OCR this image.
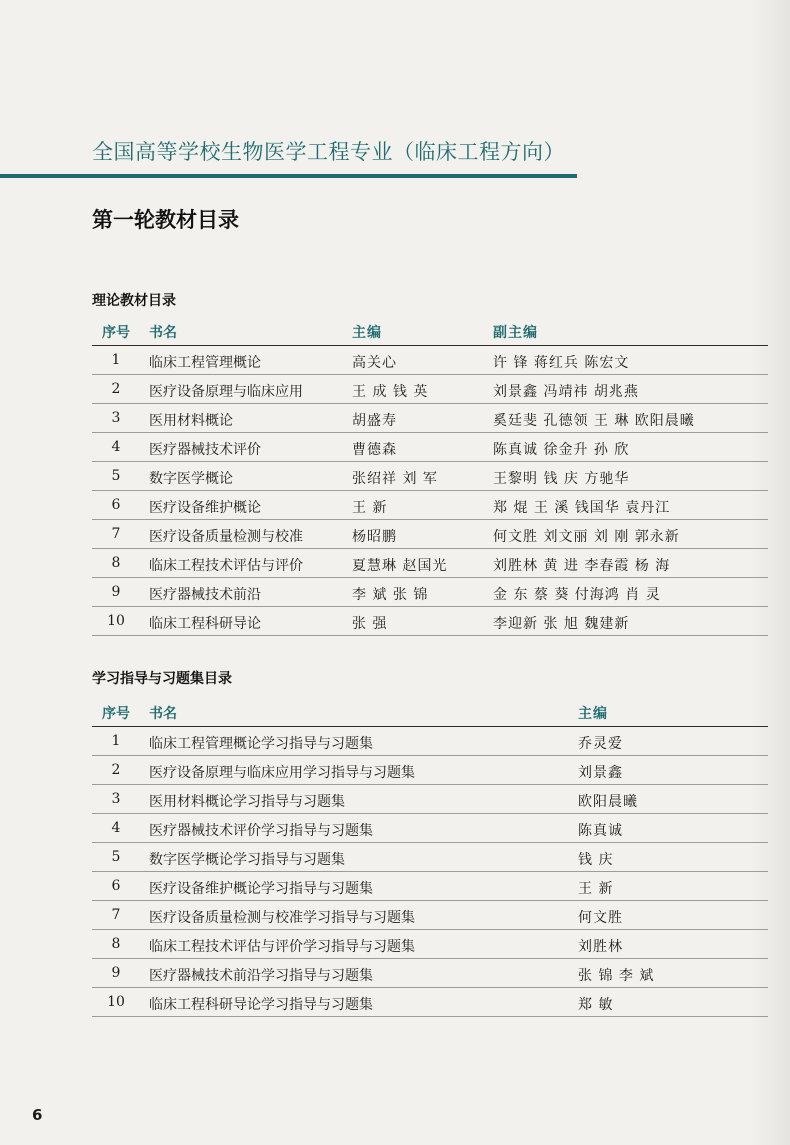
全国高等学校生物医学工程专业（临床工程方向）
第一轮教材目录
理论教材目录
序号	书名	主编	副主编
1	临床工程管理概论	高关心	许 锋 蒋红兵 陈宏文
2	医疗设备原理与临床应用	王 成 钱 英	刘景鑫 冯靖祎 胡兆燕
3	医用材料概论	胡盛寿	奚廷斐 孔德领 王 琳 欧阳晨曦
4	医疗器械技术评价	曹德森	陈真诚 徐金升 孙 欣
5	数字医学概论	张绍祥 刘 军	王黎明 钱 庆 方驰华
6	医疗设备维护概论	王 新	郑 焜 王 溪 钱国华 袁丹江
7	医疗设备质量检测与校准	杨昭鹏	何文胜 刘文丽 刘 刚 郭永新
8	临床工程技术评估与评价	夏慧琳 赵国光	刘胜林 黄 进 李春霞 杨 海
9	医疗器械技术前沿	李 斌 张 锦	金 东 蔡 葵 付海鸿 肖 灵
10	临床工程科研导论	张 强	李迎新 张 旭 魏建新
学习指导与习题集目录
序号	书名	主编
1	临床工程管理概论学习指导与习题集	乔灵爱
2	医疗设备原理与临床应用学习指导与习题集	刘景鑫
3	医用材料概论学习指导与习题集	欧阳晨曦
4	医疗器械技术评价学习指导与习题集	陈真诚
5	数字医学概论学习指导与习题集	钱 庆
6	医疗设备维护概论学习指导与习题集	王 新
7	医疗设备质量检测与校准学习指导与习题集	何文胜
8	临床工程技术评估与评价学习指导与习题集	刘胜林
9	医疗器械技术前沿学习指导与习题集	张 锦 李 斌
10	临床工程科研导论学习指导与习题集	郑 敏
6
